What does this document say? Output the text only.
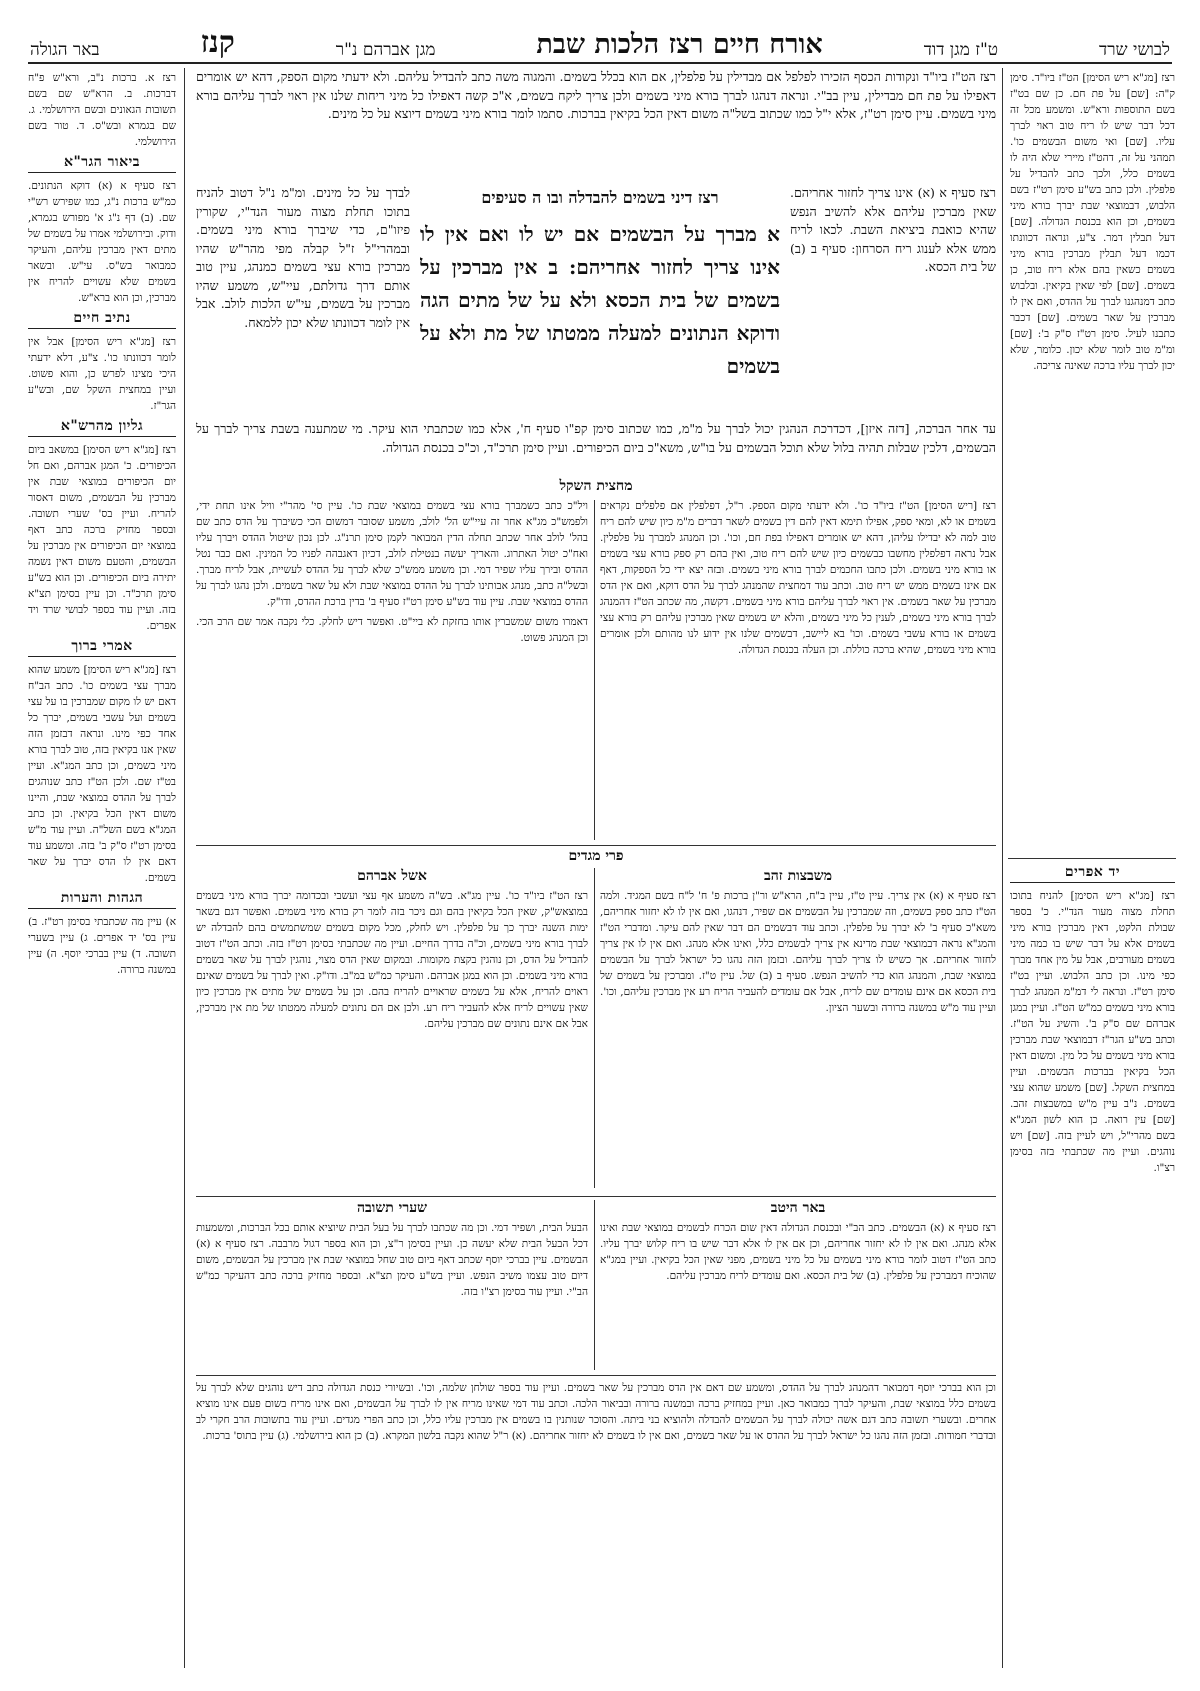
לבושי שרד
ט"ז מגן דוד
אורח חיים רצז הלכות שבת
מגן אברהם נ"ר
קנז
באר הגולה

רצז [מג"א ריש הסימן] הט"ז ביו"ד. סימן ק"ה: [שם] על פת חם. כן שם בט"ז בשם התוספות ורא"ש. ומשמע מכל זה דכל דבר שיש לו ריח טוב ראוי לברך עליו. [שם] ואי משום הבשמים כו'. תמהני על זה, דהט"ז מיירי שלא היה לו בשמים כלל, ולכך כתב להבדיל על פלפלין. ולכן כתב בש"ע סימן רט"ז בשם הלבוש, דבמוצאי שבת יברך בורא מיני בשמים, וכן הוא בכנסת הגדולה. [שם] דעל תבלין דמר. צ"ע, ונראה דכוונתו דכמו דעל תבלין מברכין בורא מיני בשמים כשאין בהם אלא ריח טוב, כן בשמים. [שם] לפי שאין בקיאין. ובלבוש כתב דמנהגנו לברך על ההדס, ואם אין לו מברכין על שאר בשמים. [שם] דכבר כתבנו לעיל. סימן רט"ז ס"ק ב': [שם] ומ"מ טוב לומר שלא יכון. כלומר, שלא יכון לברך עליו ברכה שאינה צריכה.

יד אפרים

רצז [מג"א ריש הסימן] להניח בתוכו תחלת מצוה מעור הנד"י. כ' בספר שבולת הלקט, דאין מברכין בורא מיני בשמים אלא על דבר שיש בו כמה מיני בשמים מעורבים, אבל על מין אחד מברך כפי מינו. וכן כתב הלבוש. ועיין בט"ז סימן רט"ז. ונראה לי דמ"מ המנהג לברך בורא מיני בשמים כמ"ש הט"ז. ועיין במגן אברהם שם ס"ק ב'. והשיג על הט"ז. וכתב בש"ע הגר"ז דבמוצאי שבת מברכין בורא מיני בשמים על כל מין. ומשום דאין הכל בקיאין בברכות הבשמים. ועיין במחצית השקל. [שם] משמע שהוא עצי בשמים. נ"ב עיין מ"ש במשבצות זהב. [שם] עין רואה. כן הוא לשון המג"א בשם מהרי"ל, ויש לעיין בזה. [שם] ויש נוהגים. ועיין מה שכתבתי בזה בסימן רצ"ו.

רצז א. ברכות נ"ב, ורא"ש פ"ח דברכות. ב. הרא"ש שם בשם תשובות הגאונים ובשם הירושלמי. ג. שם בגמרא ובש"ס. ד. טור בשם הירושלמי.

ביאור הגר"א

רצז סעיף א (א) דוקא הנתונים. כמ"ש ברכות נ"ג, כמו שפירש רש"י שם. (ב) דף נ"ג א' מפורש בגמרא, ודוק. ובירושלמי אמרו על בשמים של מתים דאין מברכין עליהם, והעיקר כמבואר בש"ס. עי"ש. ובשאר בשמים שלא עשויים להריח אין מברכין, וכן הוא ברא"ש.

נתיב חיים

רצז [מג"א ריש הסימן] אבל אין לומר דכוונתו כו'. צ"ע, דלא ידעתי היכי מצינו לפרש כן, והוא פשוט. ועיין במחצית השקל שם, ובש"ע הגר"ז.

גליון מהרש"א

רצז [מג"א ריש הסימן] במשאב ביום הכיפורים. כ' המגן אברהם, ואם חל יום הכיפורים במוצאי שבת אין מברכין על הבשמים, משום דאסור להריח. ועיין בס' שערי תשובה. ובספר מחזיק ברכה כתב דאף במוצאי יום הכיפורים אין מברכין על הבשמים, והטעם משום דאין נשמה יתירה ביום הכיפורים. וכן הוא בש"ע סימן תרכ"ד. וכן עיין בסימן תצ"א בזה. ועיין עוד בספר לבושי שרד ויד אפרים.

אמרי ברוך

רצז [מג"א ריש הסימן] משמע שהוא מברך עצי בשמים כו'. כתב הב"ח דאם יש לו מקום שמברכין בו על עצי בשמים ועל עשבי בשמים, יברך כל אחד כפי מינו. ונראה דבזמן הזה שאין אנו בקיאין בזה, טוב לברך בורא מיני בשמים, וכן כתב המג"א. ועיין בט"ז שם. ולכן הט"ז כתב שנוהגים לברך על ההדס במוצאי שבת, והיינו משום דאין הכל בקיאין. וכן כתב המג"א בשם השל"ה. ועיין עוד מ"ש בסימן רט"ז ס"ק ב' בזה. ומשמע עוד דאם אין לו הדס יברך על שאר בשמים.

הגהות והערות

א) עיין מה שכתבתי בסימן רט"ז. ב) עיין בס' יד אפרים. ג) עיין בשערי תשובה. ד) עיין בברכי יוסף. ה) עיין במשנה ברורה.

רצז הט"ז ביו"ד ונקודות הכסף הזכירו לפלפל אם מבדילין על פלפלין, אם הוא בכלל בשמים. והמגוה משה כתב להבדיל עליהם. ולא ידעתי מקום הספק, דהא יש אומרים דאפילו על פת חם מבדילין, עיין בב"י. ונראה דנהגו לברך בורא מיני בשמים ולכן צריך ליקח בשמים, א"כ קשה דאפילו כל מיני ריחות שלנו אין ראוי לברך עליהם בורא מיני בשמים. עיין סימן רט"ז, אלא י"ל כמו שכתוב בשל"ה משום דאין הכל בקיאין בברכות. סתמו לומר בורא מיני בשמים דיוצא על כל מינים.

רצז סעיף א (א) אינו צריך לחזור אחריהם. שאין מברכין עליהם אלא להשיב הנפש שהיא כואבת ביציאת השבת. לכאו לריח ממש אלא לענוג ריח הסרחון: סעיף ב (ב) של בית הכסא.

לבדך על כל מינים. ומ"מ נ"ל דטוב להניח בתוכו תחלת מצוה מעור הנד"י, שקורין פיזו"ם, כדי שיברך בורא מיני בשמים. ובמהרי"ל ז"ל קבלה מפי מהר"ש שהיו מברכין בורא עצי בשמים כמנהג, עיין טוב אותם דרך גדולתם, עיי"ש, משמע שהיו מברכין על בשמים, עי"ש הלכות לולב. אבל אין לומר דכוונתו שלא יכון ללמאח.

רצז דיני בשמים להבדלה ובו ה סעיפים
א מברך על הבשמים אם יש לו ואם אין לו אינו צריך לחזור אחריהם: ב אין מברכין על בשמים של בית הכסא ולא על של מתים הגה ודוקא הנתונים למעלה ממטתו של מת ולא על בשמים

עד אחר הברכה, [דזה איזן], דכדרכת הנהגין יכול לברך על מ"מ, כמו שכתוב סימן קפ"ו סעיף ח', אלא כמו שכתבתי הוא עיקר. מי שמתענה בשבת צריך לברך על הבשמים, דלכין שבלות תהיה בלול שלא תוכל הבשמים על בו"ש, משא"כ ביום הכיפורים. ועיין סימן תרכ"ד, וכ"כ בכנסת הגדולה.

מחצית השקל

רצז [ריש הסימן] הט"ז ביו"ד כו'. ולא ידעתי מקום הספק. ר"ל, דפלפלין אם פלפלים נקראים בשמים או לא, ומאי ספק, אפילו תימא דאין להם דין בשמים לשאר דברים מ"מ כיון שיש להם ריח טוב למה לא יבדילו עליהן, דהא יש אומרים דאפילו בפת חם, וכו'. וכן המנהג למברך על פלפלין. אבל נראה דפלפלין מחשבו כבשמים כיון שיש להם ריח טוב, ואין בהם רק ספק בורא עצי בשמים או בורא מיני בשמים. ולכן כתבו החכמים לברך בורא מיני בשמים. ובזה יצא ידי כל הספקות, דאף אם אינו בשמים ממש יש ריח טוב. וכתב עוד דמחצית שהמנהג לברך על הדס דוקא, ואם אין הדס מברכין על שאר בשמים. אין ראוי לברך עליהם בורא מיני בשמים. דקשה, מה שכתב הט"ז דהמנהג לברך בורא מיני בשמים, לענין כל מיני בשמים, והלא יש בשמים שאין מברכין עליהם רק בורא עצי בשמים או בורא עשבי בשמים. וכו' בא ליישב, דבשמים שלנו אין ידוע לנו מהותם ולכן אומרים בורא מיני בשמים, שהיא ברכה כוללת. וכן העלה בכנסת הגדולה.

ויל"כ כתב כשמברך בורא עצי בשמים במוצאי שבת כו'. עיין סי' מהר"י וויל אינו תחת ידי, ולפמש"כ מג"א אחר זה עיי"ש הל' לולב, משמע שסובר דמשום הכי כשיברך על הדס כתב שם בהל' לולב אחר שכתב תחלה הדין המבואר לקמן סימן תרנ"ג. לכן נכון שיטול ההדס ויברך עליו ואח"כ יטול האתרוג. והאריך יעשה בנטילת לולב, דכיון דאגבהה לפניו כל המינין. ואם כבר נטל ההדס ובירך עליו שפיר דמי. וכן משמע ממש"כ שלא לברך על ההדס לעשיית, אבל לריח מברך. ובשל"ה כתב, מנהג אבותינו לברך על ההדס במוצאי שבת ולא על שאר בשמים. ולכן נהגו לברך על ההדס במוצאי שבת. עיין עוד בש"ע סימן רט"ז סעיף ב' בדין ברכת ההדס, ודו"ק.

דאמרו משום שמשברין אותו בחזקת לא ביי"ט. ואפשר דיש לחלק. כלי נקבה אמר שם הרב הכי. וכן המנהג פשוט.

פרי מגדים
משבצות זהב
אשל אברהם

רצז סעיף א (א) אין צריך. עיין ט"ז, עיין ב"ח, הרא"ש ור"ן ברכות פ' ח' ל"ח בשם המגיד. ולמה הט"ז כתב ספק בשמים, וזה שמברכין על הבשמים אם שפיר, דנהגו, ואם אין לו לא יחזור אחריהם, משא"כ סעיף ב' לא יברך על פלפלין. וכתב עוד דבשמים הם דבר שאין להם עיקר. ומדברי הט"ז והמג"א נראה דבמוצאי שבת מדינא אין צריך לבשמים כלל, ואינו אלא מנהג. ואם אין לו אין צריך לחזור אחריהם. אך כשיש לו צריך לברך עליהם. ובזמן הזה נהגו כל ישראל לברך על הבשמים במוצאי שבת, והמנהג הוא כדי להשיב הנפש. סעיף ב (ב) של. עיין ט"ז. ומברכין על בשמים של בית הכסא אם אינם עומדים שם לריח, אבל אם עומדים להעביר הריח רע אין מברכין עליהם, וכו'. ועיין עוד מ"ש במשנה ברורה ובשער הציון.

רצז הט"ז ביו"ד כו'. עיין מג"א. בש"ה משמע אף עצי ועשבי ובכדומה יברך בורא מיני בשמים במוצאש"ק, שאין הכל בקיאין בהם וגם ניכר בזה לומר רק בורא מיני בשמים. ואפשר דגם בשאר ימות השנה יברך כך על פלפלין. ויש לחלק, מכל מקום בשמים שמשתמשים בהם להבדלה יש לברך בורא מיני בשמים, וכ"ה בדרך החיים. ועיין מה שכתבתי בסימן רט"ז בזה. וכתב הט"ז דטוב להבדיל על הדס, וכן נוהגין בקצת מקומות. ובמקום שאין הדס מצוי, נוהגין לברך על שאר בשמים בורא מיני בשמים. וכן הוא במגן אברהם. והעיקר כמ"ש במ"ב. ודו"ק. ואין לברך על בשמים שאינם ראוים להריח, אלא על בשמים שראויים להריח בהם. וכן על בשמים של מתים אין מברכין כיון שאין עשויים לריח אלא להעביר ריח רע. ולכן אם הם נתונים למעלה ממטתו של מת אין מברכין, אבל אם אינם נתונים שם מברכין עליהם.

באר היטב
שערי תשובה

רצז סעיף א (א) הבשמים. כתב הב"י ובכנסת הגדולה דאין שום הכרח לבשמים במוצאי שבת ואינו אלא מנהג. ואם אין לו לא יחזור אחריהם, וכן אם אין לו אלא דבר שיש בו ריח קלוש יברך עליו. כתב הט"ז דטוב לומר בורא מיני בשמים על כל מיני בשמים, מפני שאין הכל בקיאין. ועיין במג"א שהוכיח דמברכין על פלפלין. (ב) של בית הכסא. ואם עומדים לריח מברכין עליהם.

הבעל הבית, ושפיר דמי. וכן מה שכתבו לברך על בעל הבית שיוציא אותם בכל הברכות, ומשמעות דכל הבעל הבית שלא יעשה כן. ועיין בסימן ר"צ, וכן הוא בספר דגול מרבבה. רצז סעיף א (א) הבשמים. עיין בברכי יוסף שכתב דאף ביום טוב שחל במוצאי שבת אין מברכין על הבשמים, משום דיום טוב עצמו משיב הנפש. ועיין בש"ע סימן תצ"א. ובספר מחזיק ברכה כתב דהעיקר כמ"ש הב"י. ועיין עוד בסימן רצ"ו בזה.

וכן הוא בברכי יוסף דמבואר דהמנהג לברך על ההדס, ומשמע שם דאם אין הדס מברכין על שאר בשמים. ועיין עוד בספר שולחן שלמה, וכו'. ובשיורי כנסת הגדולה כתב דיש נוהגים שלא לברך על בשמים כלל במוצאי שבת, והעיקר לברך כמבואר כאן. ועיין במחזיק ברכה ובמשנה ברורה ובביאור הלכה. וכתב עוד דמי שאינו מריח אין לו לברך על הבשמים, ואם אינו מריח בשום פעם אינו מוציא אחרים. ובשערי תשובה כתב דגם אשה יכולה לברך על הבשמים להבדלה ולהוציא בני ביתה. והסוכר שנותנין בו בשמים אין מברכין עליו כלל, וכן כתב הפרי מגדים. ועיין עוד בתשובות הרב חקרי לב ובדברי חמודות. ובזמן הזה נהגו כל ישראל לברך על ההדס או על שאר בשמים, ואם אין לו בשמים לא יחזור אחריהם. (א) ר"ל שהוא נקבה בלשון המקרא. (ב) כן הוא בירושלמי. (ג) עיין בתוס' ברכות.
